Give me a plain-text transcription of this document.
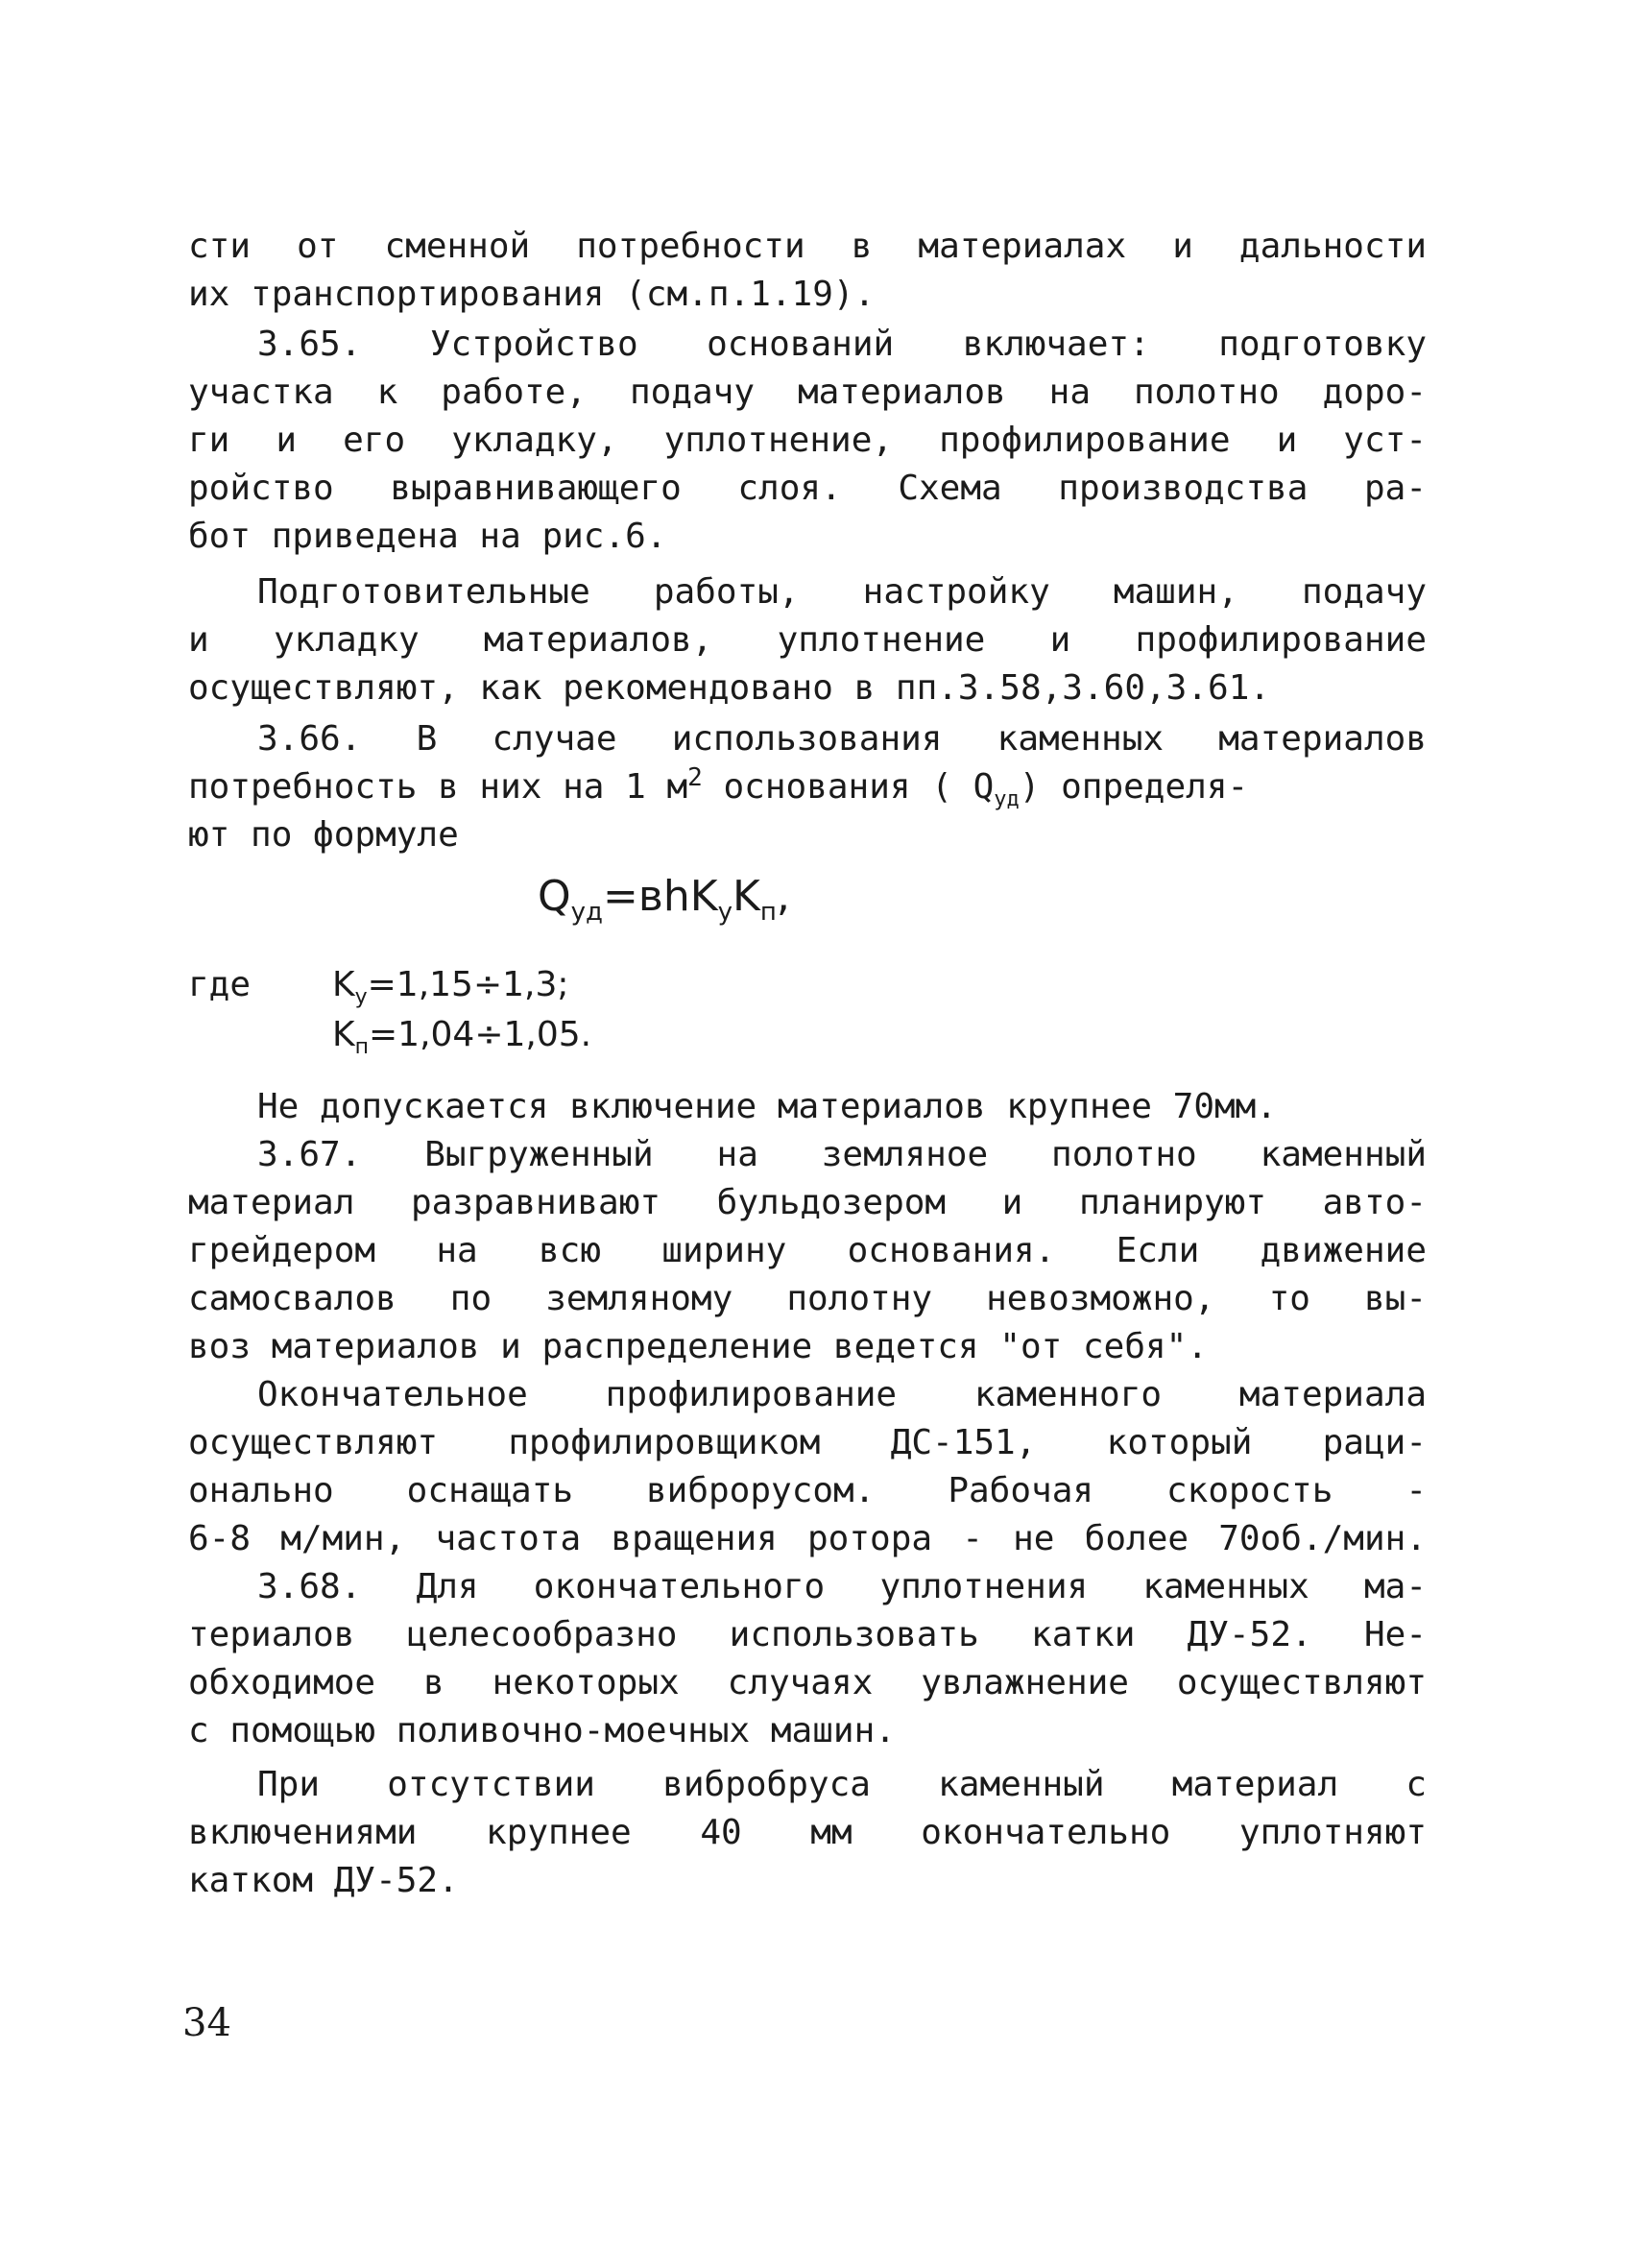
сти от сменной потребности в материалах и дальности
их транспортирования (см.п.1.19).
3.65. Устройство оснований включает: подготовку
участка к работе, подачу материалов на полотно доро-
ги и его укладку, уплотнение, профилирование и уст-
ройство выравнивающего слоя. Схема производства ра-
бот приведена на рис.6.
Подготовительные работы, настройку машин, подачу
и укладку материалов, уплотнение и профилирование
осуществляют, как рекомендовано в пп.3.58,3.60,3.61.
3.66. В случае использования каменных материалов
потребность в них на 1 $м^2$ основания ( $Q_{уд}$) определя-
ют по формуле
$Q_{уд}=вhK_уK_п$,
где	$K_у=1,15\div 1,3$;
$K_п=1,04\div 1,05$.
Не допускается включение материалов крупнее 70мм.
3.67. Выгруженный на земляное полотно каменный
материал разравнивают бульдозером и планируют авто-
грейдером на всю ширину основания. Если движение
самосвалов по земляному полотну невозможно, то вы-
воз материалов и распределение ведется "от себя".
Окончательное профилирование каменного материала
осуществляют профилировщиком ДС-151, который раци-
онально оснащать виброрусом. Рабочая скорость -
6-8 м/мин, частота вращения ротора - не более 70об./мин.
3.68. Для окончательного уплотнения каменных ма-
териалов целесообразно использовать катки ДУ-52. Не-
обходимое в некоторых случаях увлажнение осуществляют
с помощью поливочно-моечных машин.
При отсутствии вибробруса каменный материал с
включениями крупнее 40 мм окончательно уплотняют
катком ДУ-52.
34
